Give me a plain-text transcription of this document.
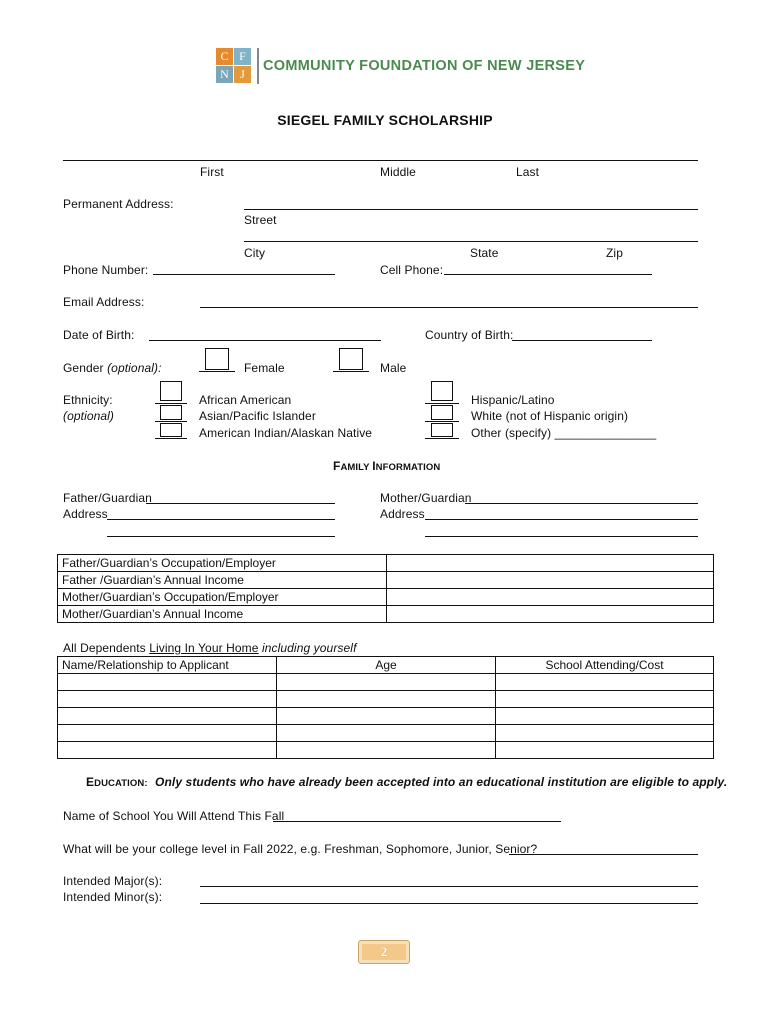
C F
N J	COMMUNITY FOUNDATION OF NEW JERSEY
SIEGEL FAMILY SCHOLARSHIP
First	Middle	Last
Permanent Address:
Street
City	State	Zip
Phone Number:	Cell Phone:
Email Address:
Date of Birth:	Country of Birth:
Gender (optional):	Female	Male
Ethnicity:
(optional)
African American
Asian/Pacific Islander
American Indian/Alaskan Native
Hispanic/Latino
White (not of Hispanic origin)
Other (specify) _______________
FAMILY INFORMATION
Father/Guardian
Address
Mother/Guardian
Address
Father/Guardian’s Occupation/Employer	
Father /Guardian’s Annual Income	
Mother/Guardian’s Occupation/Employer	
Mother/Guardian’s Annual Income	
All Dependents Living In Your Home including yourself
Name/Relationship to Applicant	Age	School Attending/Cost

EDUCATION: Only students who have already been accepted into an educational institution are eligible to apply.
Name of School You Will Attend This Fall
What will be your college level in Fall 2022, e.g. Freshman, Sophomore, Junior, Senior?
Intended Major(s):
Intended Minor(s):
2
